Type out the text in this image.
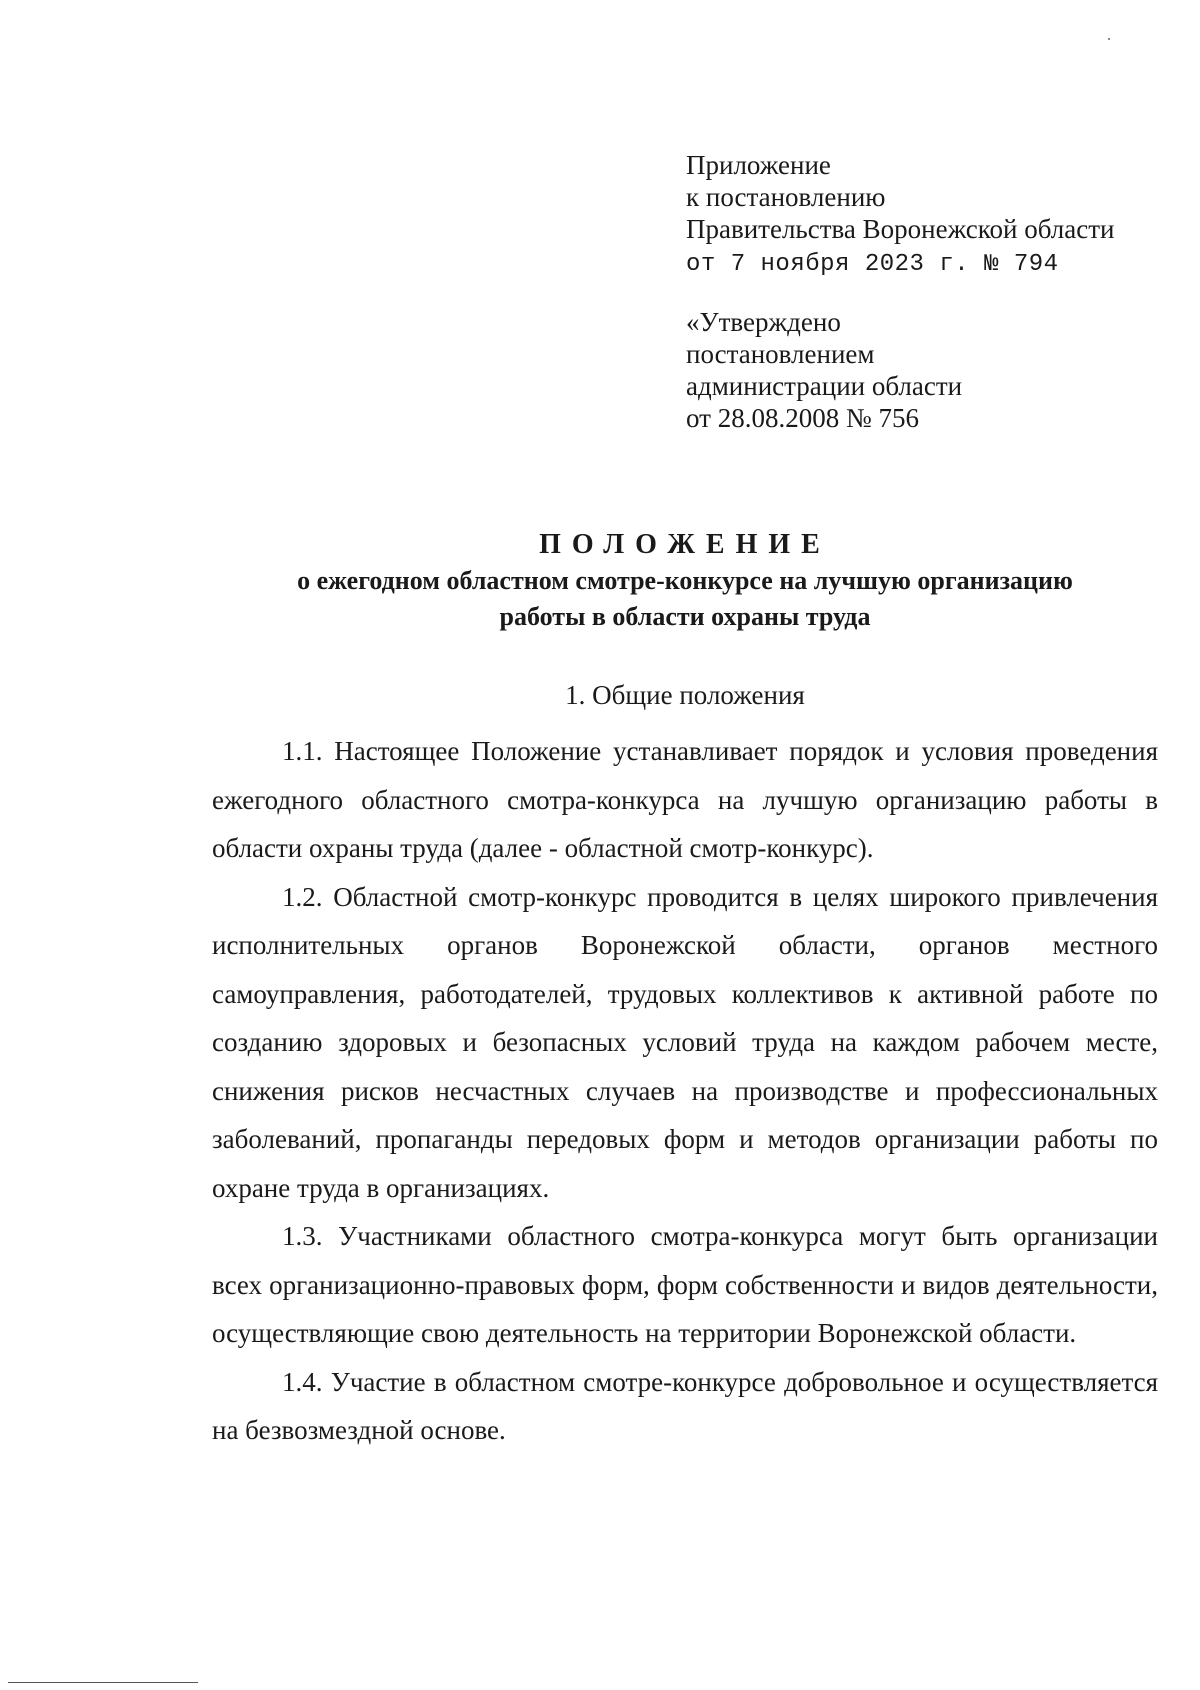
Приложение
к постановлению
Правительства Воронежской области
от 7 ноября 2023 г. № 794
«Утверждено
постановлением
администрации области
от 28.08.2008 № 756
ПОЛОЖЕНИЕ
о ежегодном областном смотре-конкурсе на лучшую организацию
работы в области охраны труда
1. Общие положения

1.1. Настоящее Положение устанавливает порядок и условия проведения ежегодного областного смотра-конкурса на лучшую организацию работы в области охраны труда (далее - областной смотр-конкурс).

1.2. Областной смотр-конкурс проводится в целях широкого привлечения исполнительных органов Воронежской области, органов местного самоуправления, работодателей, трудовых коллективов к активной работе по созданию здоровых и безопасных условий труда на каждом рабочем месте, снижения рисков несчастных случаев на производстве и профессиональных заболеваний, пропаганды передовых форм и методов организации работы по охране труда в организациях.

1.3. Участниками областного смотра-конкурса могут быть организации всех организационно-правовых форм, форм собственности и видов деятельности, осуществляющие свою деятельность на территории Воронежской области.

1.4. Участие в областном смотре-конкурсе добровольное и осуществляется на безвозмездной основе.
